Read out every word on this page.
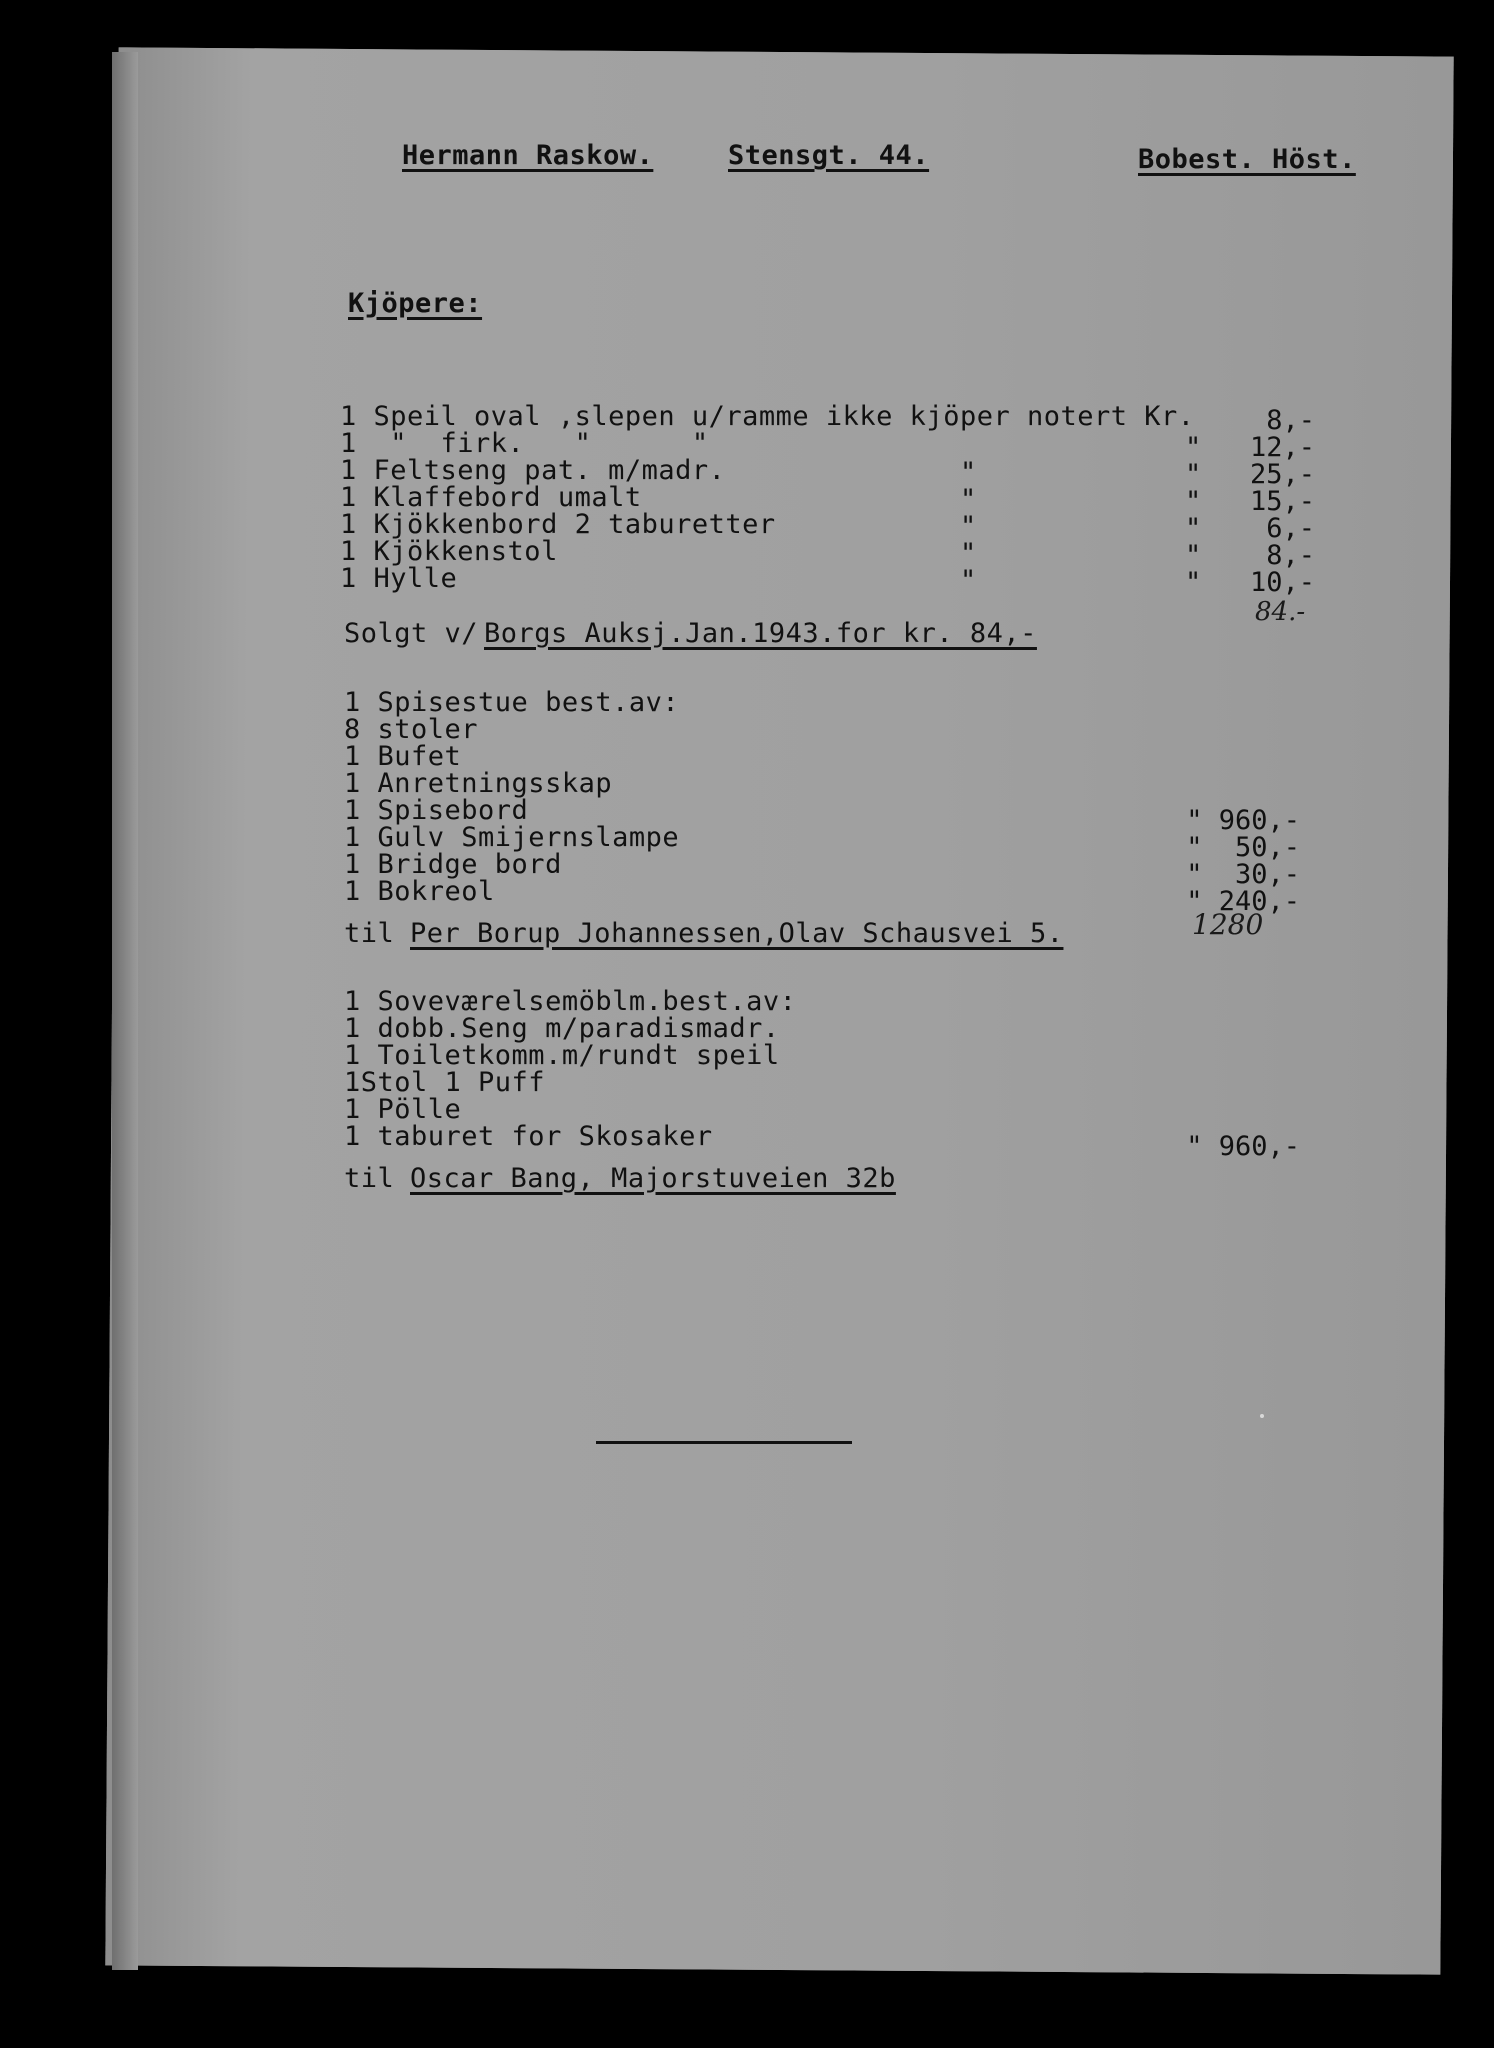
Hermann Raskow.	Stensgt. 44.	Bobest. Höst.
Kjöpere:
1 Speil oval ,slepen u/ramme ikke kjöper notert Kr.	8,-
1  "  firk.   "      "	"	12,-
1 Feltseng pat. m/madr.	"	"	25,-
1 Klaffebord umalt	"	"	15,-
1 Kjökkenbord 2 taburetter	"	"	6,-
1 Kjökkenstol	"	"	8,-
1 Hylle	"	"	10,-
84.-
Solgt v/ Borgs Auksj.Jan.1943.for kr. 84,-
1 Spisestue best.av:
8 stoler
1 Bufet
1 Anretningsskap
1 Spisebord	" 960,-
1 Gulv Smijernslampe	"  50,-
1 Bridge bord	"  30,-
1 Bokreol	" 240,-
til
Per Borup Johannessen,Olav Schausvei 5.	1280
1 Soveværelsemöblm.best.av:
1 dobb.Seng m/paradismadr.
1 Toiletkomm.m/rundt speil
1Stol 1 Puff
1 Pölle
1 taburet for Skosaker	" 960,-
til
Oscar Bang, Majorstuveien 32b
